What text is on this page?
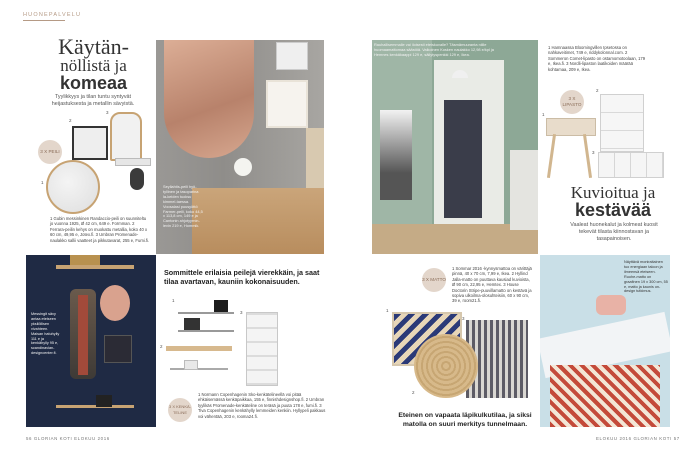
HUONEPALVELU
Käytän-
nöllistä ja
komeaa
Tyylikkyys ja tilan tuntu syntyvät heijastuksesta ja metallin sävyistä.
3 X PEILI
1
2
3
1 Gubin messinkinen Randaccio-peili on suunniteltu jo vuonna 1925, Ø 42 cm, 649 e. Formman. 2 Ferrara-peilin kehys on muokattu metallia, koko 40 x 60 cm, 49,95 e, Jotex.fi. 3 Umbran Promenade-naulakko sallii vaatteet ja pikkutavarat, 255 e, Fumi.fi.
Seyllahtis-peili hyö-tyllinen ja tasoparina la-keiden tuoksu kimmel-taessa. Voosalasi puusyöttö Farmer-peili, koko 44,5 x 113,8 cm, 149 e ja Cantonin ahjotyyrnin-levin 219 e, Hommik.
Messingit sävy antaa eteiseen yksilöllisen vivahteen. Maisan hatuhylly 111 e ja kenkähylly 95 e, scandinavian-designcenter.fi.
Sommittele erilaisia peilejä vierekkäin, ja saat tilaa avartavan, kauniin kokonaisuuden.
1
2
3
3 X KENKÄ-TELINE
1 Normann Copenhagenin Sko-kenkätelineellä voi pitää ehkäisemässä kenkäpaikkaa, 155 e, finnishdesignshop.fi. 2 Umbran tyylikäs Promenade-kenkäteline on teräsä ja puuta 178 e, fumi.fi. 3 Tiva Copenhagenin kenkähylly lemmeiden kenkiin. Hyllypeli pakkaus voi vähentää, 203 e, rooma24.fi.
56 GLORIAN KOTI ELOKUU 2016
Rauhallisemmalle vai iloisesti eteiskuvalle? Täsmämuuranta niille huomaamattomaa säästöä. Valkoinen Kosken naulakko 12,98 e/kpl ja Hemnes kenkäkaappi 129 e, säilytyspenkki 129 e, Ikea.
1 Hamnaassa Bloomingvillen Ipsetossa on nahkaveitimet, 749 e, riddykolonnal.com. 2 Sommeron Comet-lipasto on ostamomotoolaan, 179 e, Ikea.fi. 3 Nordli-lipaston laatikoiden määrää kohtamaa, 209 e, Ikea.
3 X LIPASTO
1
2
3
Kuvioitua ja
kestävää
Vaaleat huonekalut ja kolmeat kuosit tekevät tilasta kiinnostavan ja tasapainoisen.
3 X MATTO
1 Sommar 2016 -kynnysmattoa on värittäjä pinnä, 40 x 70 cm, 7,99 e, Ikea. 2 Hyllind Jalla-matto on puuttava kausiad kuvioista, Ø 90 cm, 22,95 e, Hemtex. 3 House Doctorin Stripe-puuvillamatto on kestävä ja sopiva ulkoilma-olosuhteisiin, 60 x 90 cm, 39 e, room21.fi.
1
2
3
Eteinen on vapaata läpikulkutilaa, ja siksi matolla on suuri merkitys tunnelmaan.
Näyttävä moniraitainen tuo energiaan taloon ja ilmeensä eteiseen. Ruohe-matto on graafinen 19 x 300 cm, 55 e, matto ja kaunis on-design tutkimus.
ELOKUU 2016 GLORIAN KOTI 57
